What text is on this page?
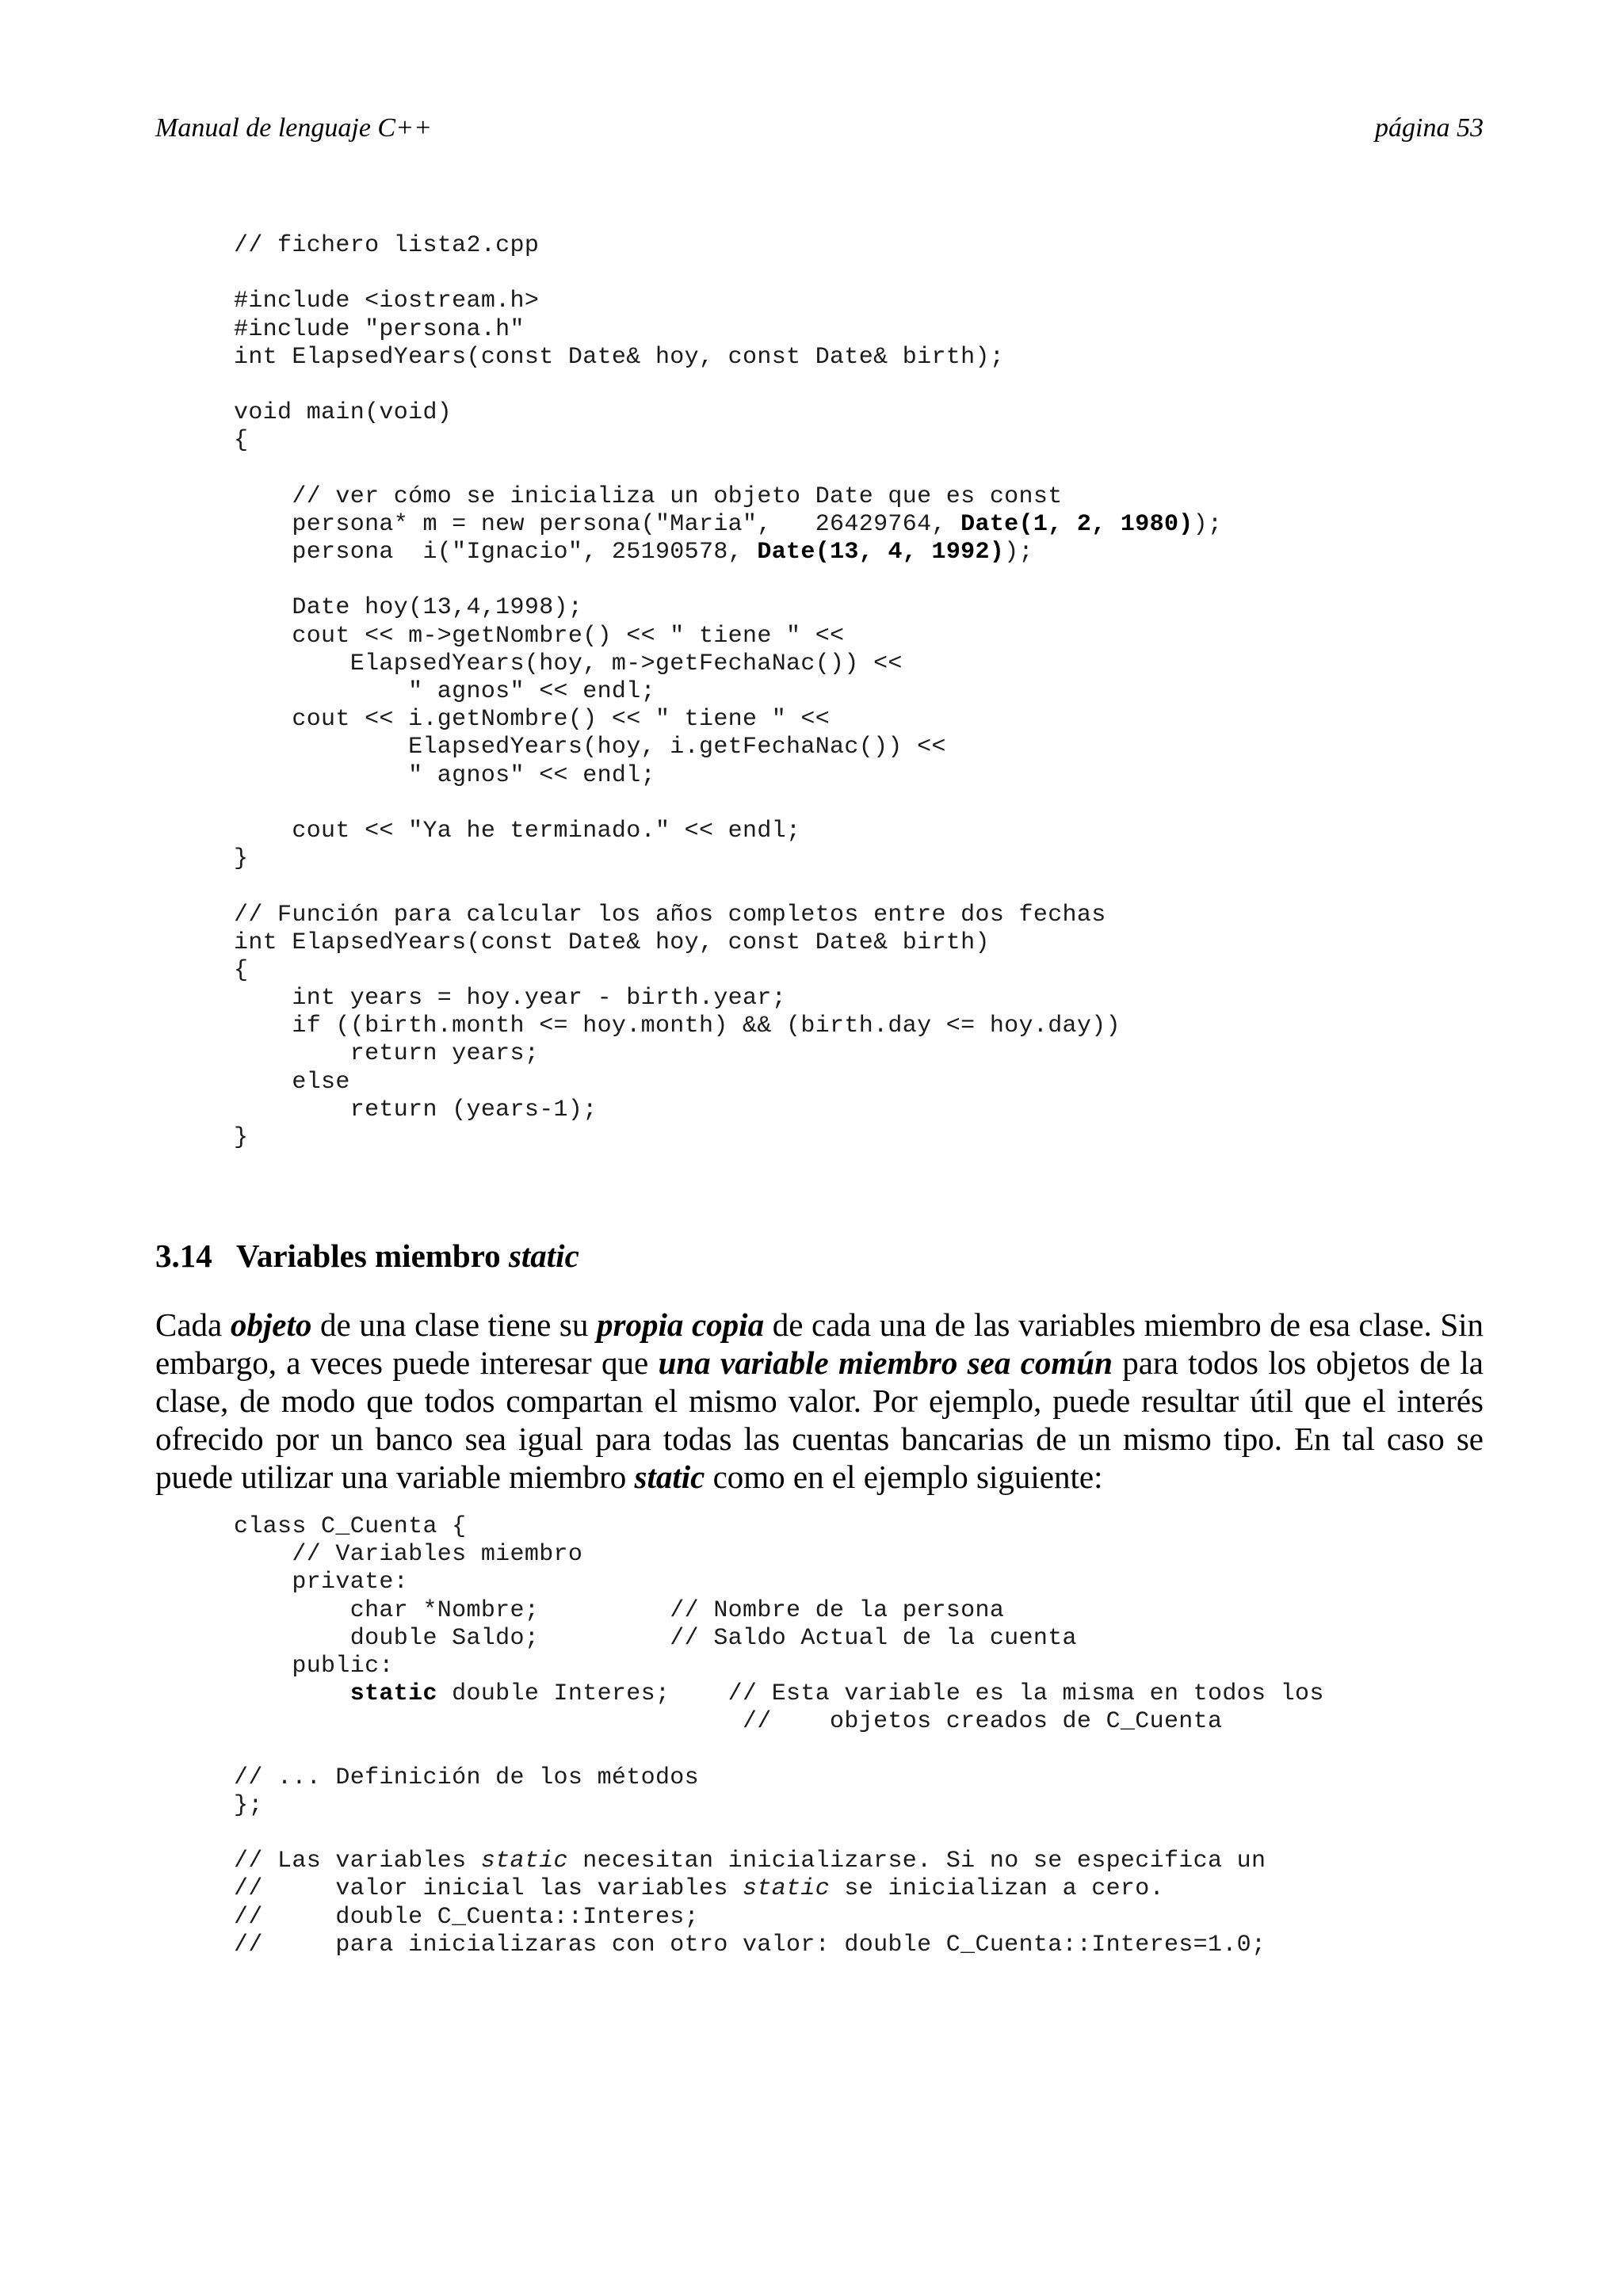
Manual de lenguaje C++	página 53
// fichero lista2.cpp
#include <iostream.h>
#include "persona.h"
int ElapsedYears(const Date& hoy, const Date& birth);
void main(void)
{
// ver cómo se inicializa un objeto Date que es const
persona* m = new persona("Maria",   26429764, Date(1, 2, 1980));
persona  i("Ignacio", 25190578, Date(13, 4, 1992));
Date hoy(13,4,1998);
cout << m->getNombre() << " tiene " <<
ElapsedYears(hoy, m->getFechaNac()) <<
" agnos" << endl;
cout << i.getNombre() << " tiene " <<
ElapsedYears(hoy, i.getFechaNac()) <<
" agnos" << endl;
cout << "Ya he terminado." << endl;
}
// Función para calcular los años completos entre dos fechas
int ElapsedYears(const Date& hoy, const Date& birth)
{
int years = hoy.year - birth.year;
if ((birth.month <= hoy.month) && (birth.day <= hoy.day))
return years;
else
return (years-1);
}
3.14 Variables miembro static

Cada objeto de una clase tiene su propia copia de cada una de las variables miembro de esa clase. Sin embargo, a veces puede interesar que una variable miembro sea común para todos los objetos de la clase, de modo que todos compartan el mismo valor. Por ejemplo, puede resultar útil que el interés ofrecido por un banco sea igual para todas las cuentas bancarias de un mismo tipo. En tal caso se puede utilizar una variable miembro static como en el ejemplo siguiente:

class C_Cuenta {
// Variables miembro
private:
char *Nombre;         // Nombre de la persona
double Saldo;         // Saldo Actual de la cuenta
public:
static double Interes;    // Esta variable es la misma en todos los
//    objetos creados de C_Cuenta
// ... Definición de los métodos
};
// Las variables static necesitan inicializarse. Si no se especifica un
//     valor inicial las variables static se inicializan a cero.
//     double C_Cuenta::Interes;
//     para inicializaras con otro valor: double C_Cuenta::Interes=1.0;
